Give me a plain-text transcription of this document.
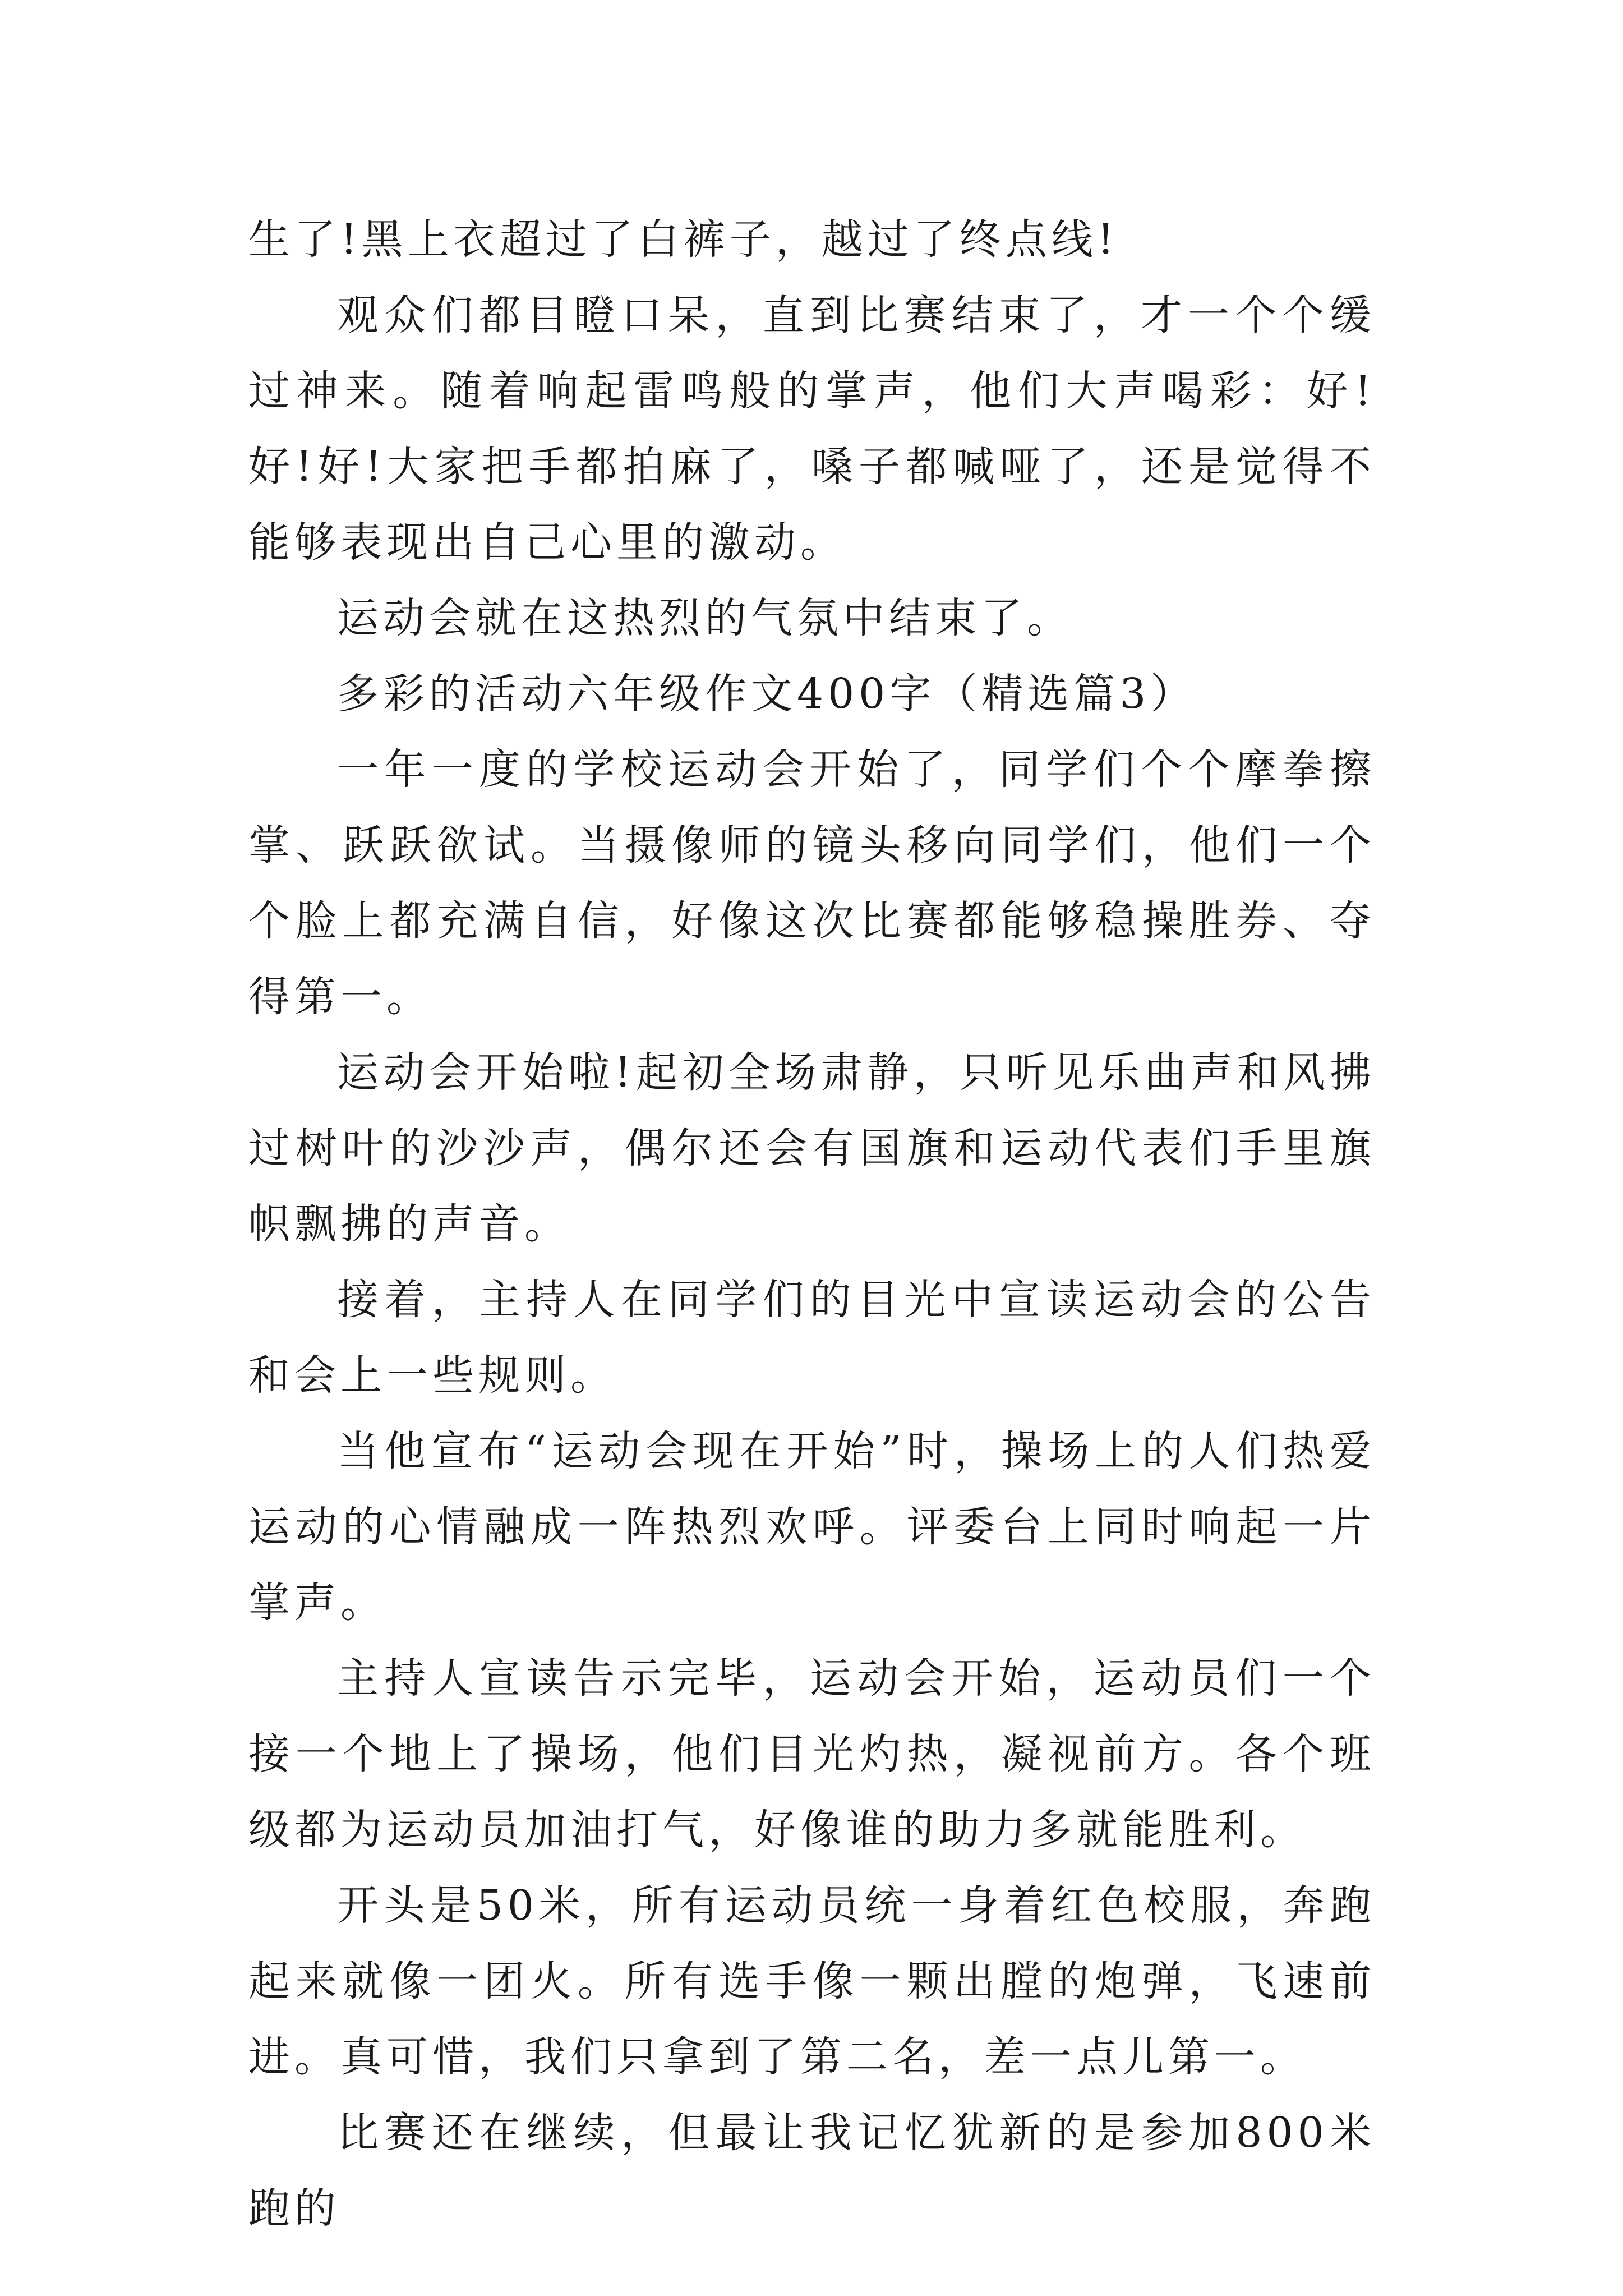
生了!黑上衣超过了白裤子，越过了终点线!

观众们都目瞪口呆，直到比赛结束了，才一个个缓过神来。随着响起雷鸣般的掌声，他们大声喝彩：好!好!好!大家把手都拍麻了，嗓子都喊哑了，还是觉得不能够表现出自己心里的激动。

运动会就在这热烈的气氛中结束了。

多彩的活动六年级作文400字（精选篇3）

一年一度的学校运动会开始了，同学们个个摩拳擦掌、跃跃欲试。当摄像师的镜头移向同学们，他们一个个脸上都充满自信，好像这次比赛都能够稳操胜券、夺得第一。

运动会开始啦!起初全场肃静，只听见乐曲声和风拂过树叶的沙沙声，偶尔还会有国旗和运动代表们手里旗帜飘拂的声音。

接着，主持人在同学们的目光中宣读运动会的公告和会上一些规则。

当他宣布“运动会现在开始”时，操场上的人们热爱运动的心情融成一阵热烈欢呼。评委台上同时响起一片掌声。

主持人宣读告示完毕，运动会开始，运动员们一个接一个地上了操场，他们目光灼热，凝视前方。各个班级都为运动员加油打气，好像谁的助力多就能胜利。

开头是50米，所有运动员统一身着红色校服，奔跑起来就像一团火。所有选手像一颗出膛的炮弹，飞速前进。真可惜，我们只拿到了第二名，差一点儿第一。

比赛还在继续，但最让我记忆犹新的是参加800米跑的
